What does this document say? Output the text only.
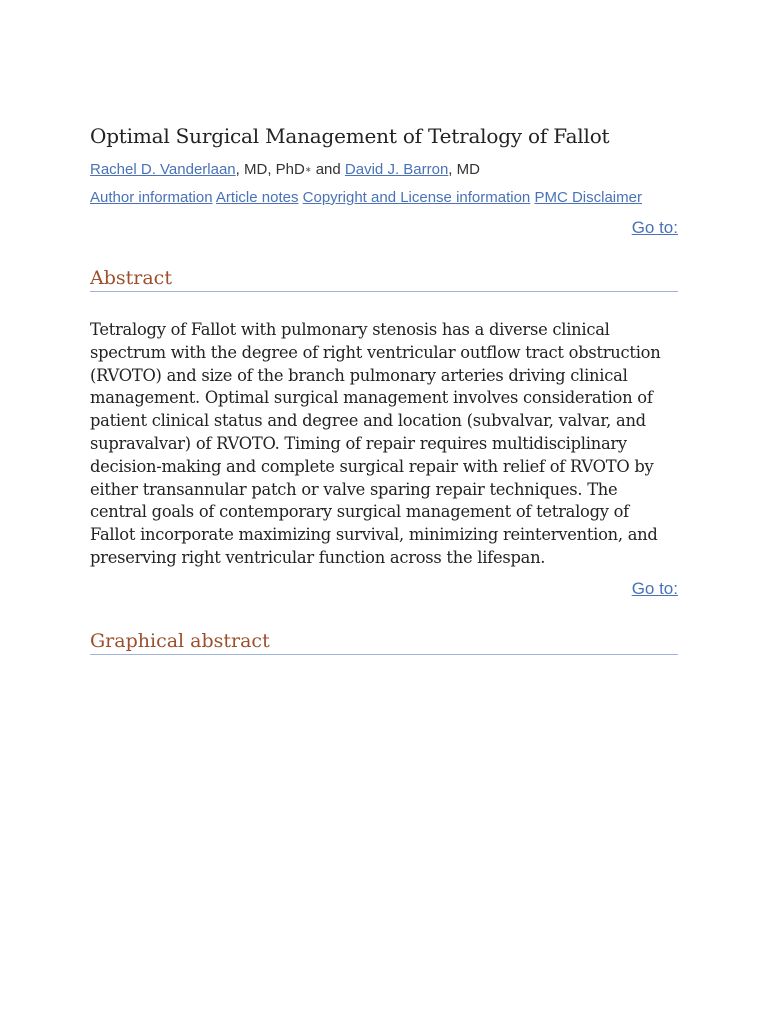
Optimal Surgical Management of Tetralogy of Fallot
Rachel D. Vanderlaan, MD, PhD∗ and David J. Barron, MD
Author information Article notes Copyright and License information PMC Disclaimer
Go to:
Abstract

Tetralogy of Fallot with pulmonary stenosis has a diverse clinical spectrum with the degree of right ventricular outflow tract obstruction (RVOTO) and size of the branch pulmonary arteries driving clinical management. Optimal surgical management involves consideration of patient clinical status and degree and location (subvalvar, valvar, and supravalvar) of RVOTO. Timing of repair requires multidisciplinary decision-making and complete surgical repair with relief of RVOTO by either transannular patch or valve sparing repair techniques. The central goals of contemporary surgical management of tetralogy of Fallot incorporate maximizing survival, minimizing reintervention, and preserving right ventricular function across the lifespan.

Go to:
Graphical abstract
